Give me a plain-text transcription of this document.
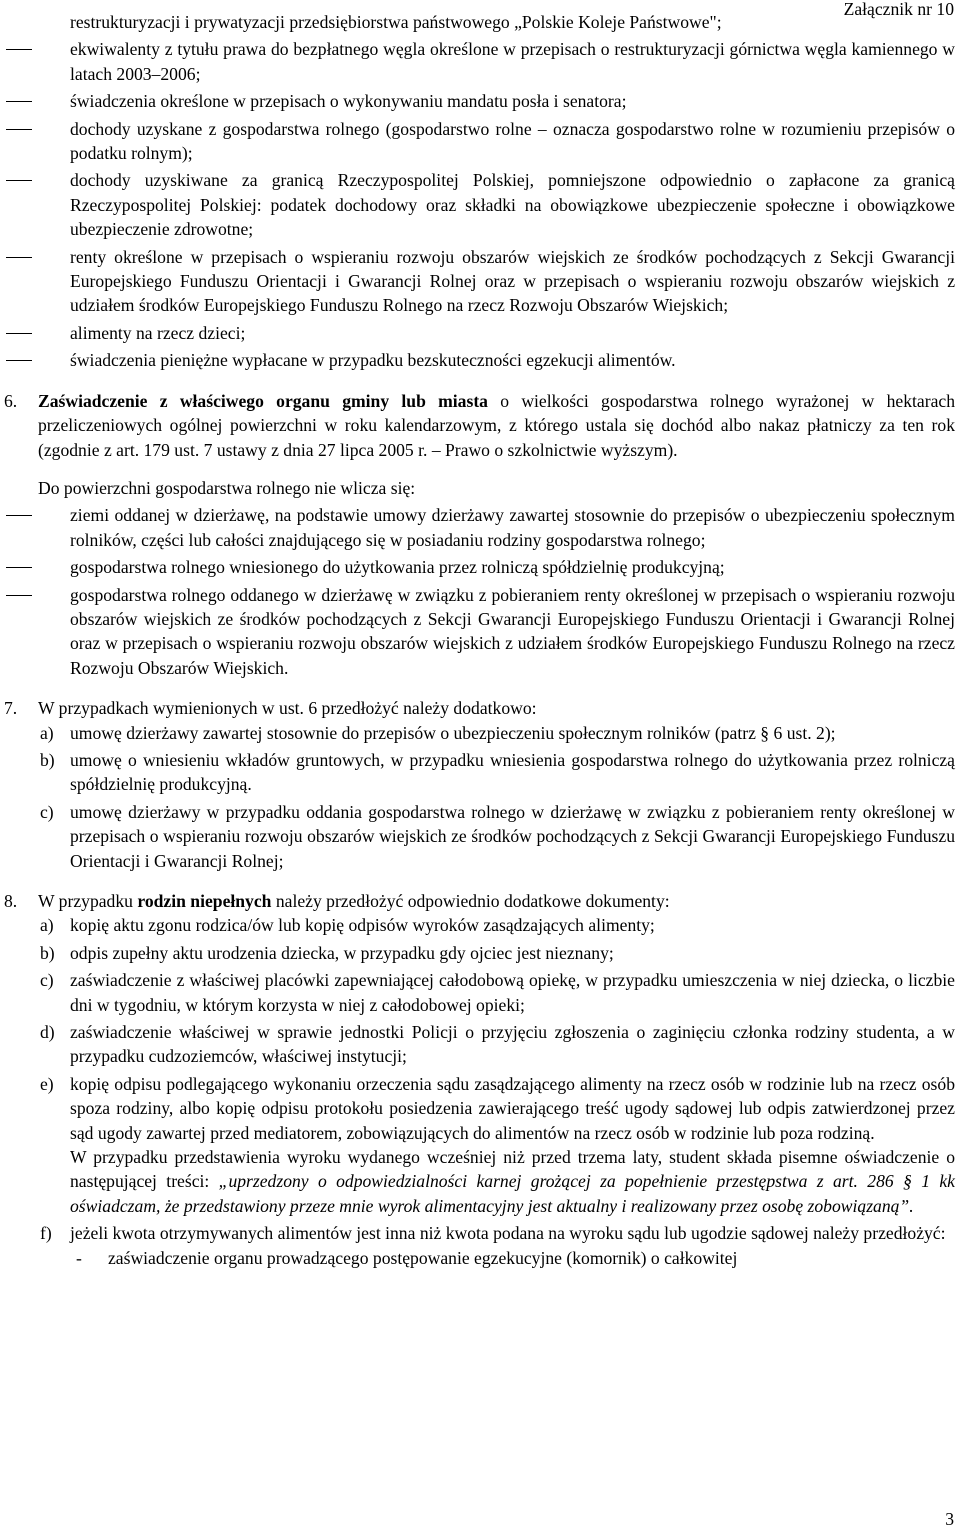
Załącznik nr 10

restrukturyzacji i prywatyzacji przedsiębiorstwa państwowego „Polskie Koleje Państwowe";

ekwiwalenty z tytułu prawa do bezpłatnego węgla określone w przepisach o restrukturyzacji górnictwa węgla kamiennego w latach 2003–2006;

świadczenia określone w przepisach o wykonywaniu mandatu posła i senatora;

dochody uzyskane z gospodarstwa rolnego (gospodarstwo rolne – oznacza gospodarstwo rolne w rozumieniu przepisów o podatku rolnym);

dochody uzyskiwane za granicą Rzeczypospolitej Polskiej, pomniejszone odpowiednio o zapłacone za granicą Rzeczypospolitej Polskiej: podatek dochodowy oraz składki na obowiązkowe ubezpieczenie społeczne i obowiązkowe ubezpieczenie zdrowotne;

renty określone w przepisach o wspieraniu rozwoju obszarów wiejskich ze środków pochodzących z Sekcji Gwarancji Europejskiego Funduszu Orientacji i Gwarancji Rolnej oraz w przepisach o wspieraniu rozwoju obszarów wiejskich z udziałem środków Europejskiego Funduszu Rolnego na rzecz Rozwoju Obszarów Wiejskich;

alimenty na rzecz dzieci;

świadczenia pieniężne wypłacane w przypadku bezskuteczności egzekucji alimentów.

6. Zaświadczenie z właściwego organu gminy lub miasta o wielkości gospodarstwa rolnego wyrażonej w hektarach przeliczeniowych ogólnej powierzchni w roku kalendarzowym, z którego ustala się dochód albo nakaz płatniczy za ten rok (zgodnie z art. 179 ust. 7 ustawy z dnia 27 lipca 2005 r. – Prawo o szkolnictwie wyższym).

Do powierzchni gospodarstwa rolnego nie wlicza się:

ziemi oddanej w dzierżawę, na podstawie umowy dzierżawy zawartej stosownie do przepisów o ubezpieczeniu społecznym rolników, części lub całości znajdującego się w posiadaniu rodziny gospodarstwa rolnego;

gospodarstwa rolnego wniesionego do użytkowania przez rolniczą spółdzielnię produkcyjną;

gospodarstwa rolnego oddanego w dzierżawę w związku z pobieraniem renty określonej w przepisach o wspieraniu rozwoju obszarów wiejskich ze środków pochodzących z Sekcji Gwarancji Europejskiego Funduszu Orientacji i Gwarancji Rolnej oraz w przepisach o wspieraniu rozwoju obszarów wiejskich z udziałem środków Europejskiego Funduszu Rolnego na rzecz Rozwoju Obszarów Wiejskich.

7. W przypadkach wymienionych w ust. 6 przedłożyć należy dodatkowo:

a) umowę dzierżawy zawartej stosownie do przepisów o ubezpieczeniu społecznym rolników (patrz § 6 ust. 2);

b) umowę o wniesieniu wkładów gruntowych, w przypadku wniesienia gospodarstwa rolnego do użytkowania przez rolniczą spółdzielnię produkcyjną.

c) umowę dzierżawy w przypadku oddania gospodarstwa rolnego w dzierżawę w związku z pobieraniem renty określonej w przepisach o wspieraniu rozwoju obszarów wiejskich ze środków pochodzących z Sekcji Gwarancji Europejskiego Funduszu Orientacji i Gwarancji Rolnej;

8. W przypadku rodzin niepełnych należy przedłożyć odpowiednio dodatkowe dokumenty:

a) kopię aktu zgonu rodzica/ów lub kopię odpisów wyroków zasądzających alimenty;

b) odpis zupełny aktu urodzenia dziecka, w przypadku gdy ojciec jest nieznany;

c) zaświadczenie z właściwej placówki zapewniającej całodobową opiekę, w przypadku umieszczenia w niej dziecka, o liczbie dni w tygodniu, w którym korzysta w niej z całodobowej opieki;

d) zaświadczenie właściwej w sprawie jednostki Policji o przyjęciu zgłoszenia o zaginięciu członka rodziny studenta, a w przypadku cudzoziemców, właściwej instytucji;

e) kopię odpisu podlegającego wykonaniu orzeczenia sądu zasądzającego alimenty na rzecz osób w rodzinie lub na rzecz osób spoza rodziny, albo kopię odpisu protokołu posiedzenia zawierającego treść ugody sądowej lub odpis zatwierdzonej przez sąd ugody zawartej przed mediatorem, zobowiązujących do alimentów na rzecz osób w rodzinie lub poza rodziną.

W przypadku przedstawienia wyroku wydanego wcześniej niż przed trzema laty, student składa pisemne oświadczenie o następującej treści: „uprzedzony o odpowiedzialności karnej grożącej za popełnienie przestępstwa z art. 286 § 1 kk oświadczam, że przedstawiony przeze mnie wyrok alimentacyjny jest aktualny i realizowany przez osobę zobowiązaną”.

f) jeżeli kwota otrzymywanych alimentów jest inna niż kwota podana na wyroku sądu lub ugodzie sądowej należy przedłożyć:

- zaświadczenie organu prowadzącego postępowanie egzekucyjne (komornik) o całkowitej

3
